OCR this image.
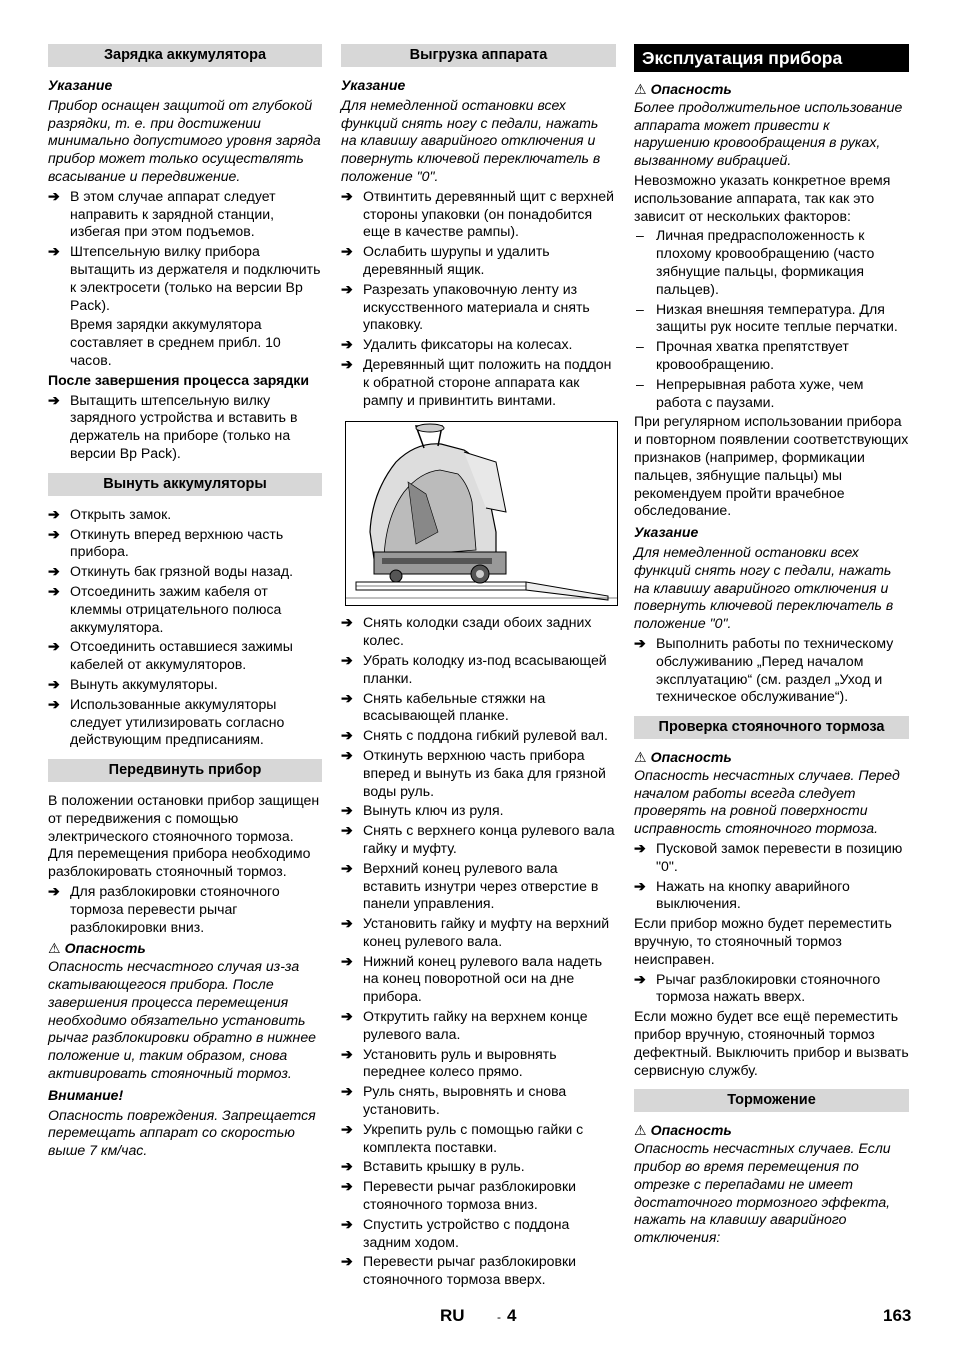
Зарядка аккумулятора
Указание
Прибор оснащен защитой от глубокой разрядки, т. е. при достижении минимально допустимого уровня заряда прибор может только осуществлять всасывание и передвижение.
➔ В этом случае аппарат следует направить к зарядной станции, избегая при этом подъемов.
➔ Штепсельную вилку прибора вытащить из держателя и подключить к электросети (только на версии Bp Pack).
Время зарядки аккумулятора составляет в среднем прибл. 10 часов.
После завершения процесса зарядки
➔ Вытащить штепсельную вилку зарядного устройства и вставить в держатель на приборе (только на версии Bp Pack).
Вынуть аккумуляторы
➔ Открыть замок.
➔ Откинуть вперед верхнюю часть прибора.
➔ Откинуть бак грязной воды назад.
➔ Отсоединить зажим кабеля от клеммы отрицательного полюса аккумулятора.
➔ Отсоединить оставшиеся зажимы кабелей от аккумуляторов.
➔ Вынуть аккумуляторы.
➔ Использованные аккумуляторы следует утилизировать согласно действующим предписаниям.
Передвинуть прибор
В положении остановки прибор защищен от передвижения с помощью электрического стояночного тормоза. Для перемещения прибора необходимо разблокировать стояночный тормоз.
➔ Для разблокировки стояночного тормоза перевести рычаг разблокировки вниз.
⚠ Опасность
Опасность несчастного случая из-за скатывающегося прибора. После завершения процесса перемещения необходимо обязательно установить рычаг разблокировки обратно в нижнее положение и, таким образом, снова активировать стояночный тормоз.
Внимание!
Опасность повреждения. Запрещается перемещать аппарат со скоростью выше 7 км/час.
Выгрузка аппарата
Указание
Для немедленной остановки всех функций снять ногу с педали, нажать на клавишу аварийного отключения и повернуть ключевой переключатель в положение "0".
➔ Отвинтить деревянный щит с верхней стороны упаковки (он понадобится еще в качестве рампы).
➔ Ослабить шурупы и удалить деревянный ящик.
➔ Разрезать упаковочную ленту из искусственного материала и снять упаковку.
➔ Удалить фиксаторы на колесах.
➔ Деревянный щит положить на поддон к обратной стороне аппарата как рампу и привинтить винтами.
➔ Снять колодки сзади обоих задних колес.
➔ Убрать колодку из-под всасывающей планки.
➔ Снять кабельные стяжки на всасывающей планке.
➔ Снять с поддона гибкий рулевой вал.
➔ Откинуть верхнюю часть прибора вперед и вынуть из бака для грязной воды руль.
➔ Вынуть ключ из руля.
➔ Снять с верхнего конца рулевого вала гайку и муфту.
➔ Верхний конец рулевого вала вставить изнутри через отверстие в панели управления.
➔ Установить гайку и муфту на верхний конец рулевого вала.
➔ Нижний конец рулевого вала надеть на конец поворотной оси на дне прибора.
➔ Открутить гайку на верхнем конце рулевого вала.
➔ Установить руль и выровнять переднее колесо прямо.
➔ Руль снять, выровнять и снова установить.
➔ Укрепить руль с помощью гайки с комплекта поставки.
➔ Вставить крышку в руль.
➔ Перевести рычаг разблокировки стояночного тормоза вниз.
➔ Спустить устройство с поддона задним ходом.
➔ Перевести рычаг разблокировки стояночного тормоза вверх.
Эксплуатация прибора
⚠ Опасность
Более продолжительное использование аппарата может привести к нарушению кровообращения в руках, вызванному вибрацией.
Невозможно указать конкретное время использование аппарата, так как это зависит от нескольких факторов:
– Личная предрасположенность к плохому кровообращению (часто зябнущие пальцы, формикация пальцев).
– Низкая внешняя температура. Для защиты рук носите теплые перчатки.
– Прочная хватка препятствует кровообращению.
– Непрерывная работа хуже, чем работа с паузами.
При регулярном использовании прибора и повторном появлении соответствующих признаков (например, формикации пальцев, зябнущие пальцы) мы рекомендуем пройти врачебное обследование.
Указание
Для немедленной остановки всех функций снять ногу с педали, нажать на клавишу аварийного отключения и повернуть ключевой переключатель в положение "0".
➔ Выполнить работы по техническому обслуживанию „Перед началом эксплуатацию“ (см. раздел „Уход и техническое обслуживание“).
Проверка стояночного тормоза
⚠ Опасность
Опасность несчастных случаев. Перед началом работы всегда следует проверять на ровной поверхности исправность стояночного тормоза.
➔ Пусковой замок перевести в позицию "0".
➔ Нажать на кнопку аварийного выключения.
Если прибор можно будет переместить вручную, то стояночный тормоз неисправен.
➔ Рычаг разблокировки стояночного тормоза нажать вверх.
Если можно будет все ещё переместить прибор вручную, стояночный тормоз дефектный. Выключить прибор и вызвать сервисную службу.
Торможение
⚠ Опасность
Опасность несчастных случаев. Если прибор во время перемещения по отрезке с перепадами не имеет достаточного тормозного эффекта, нажать на клавишу аварийного отключения:
RU	- 4	163
